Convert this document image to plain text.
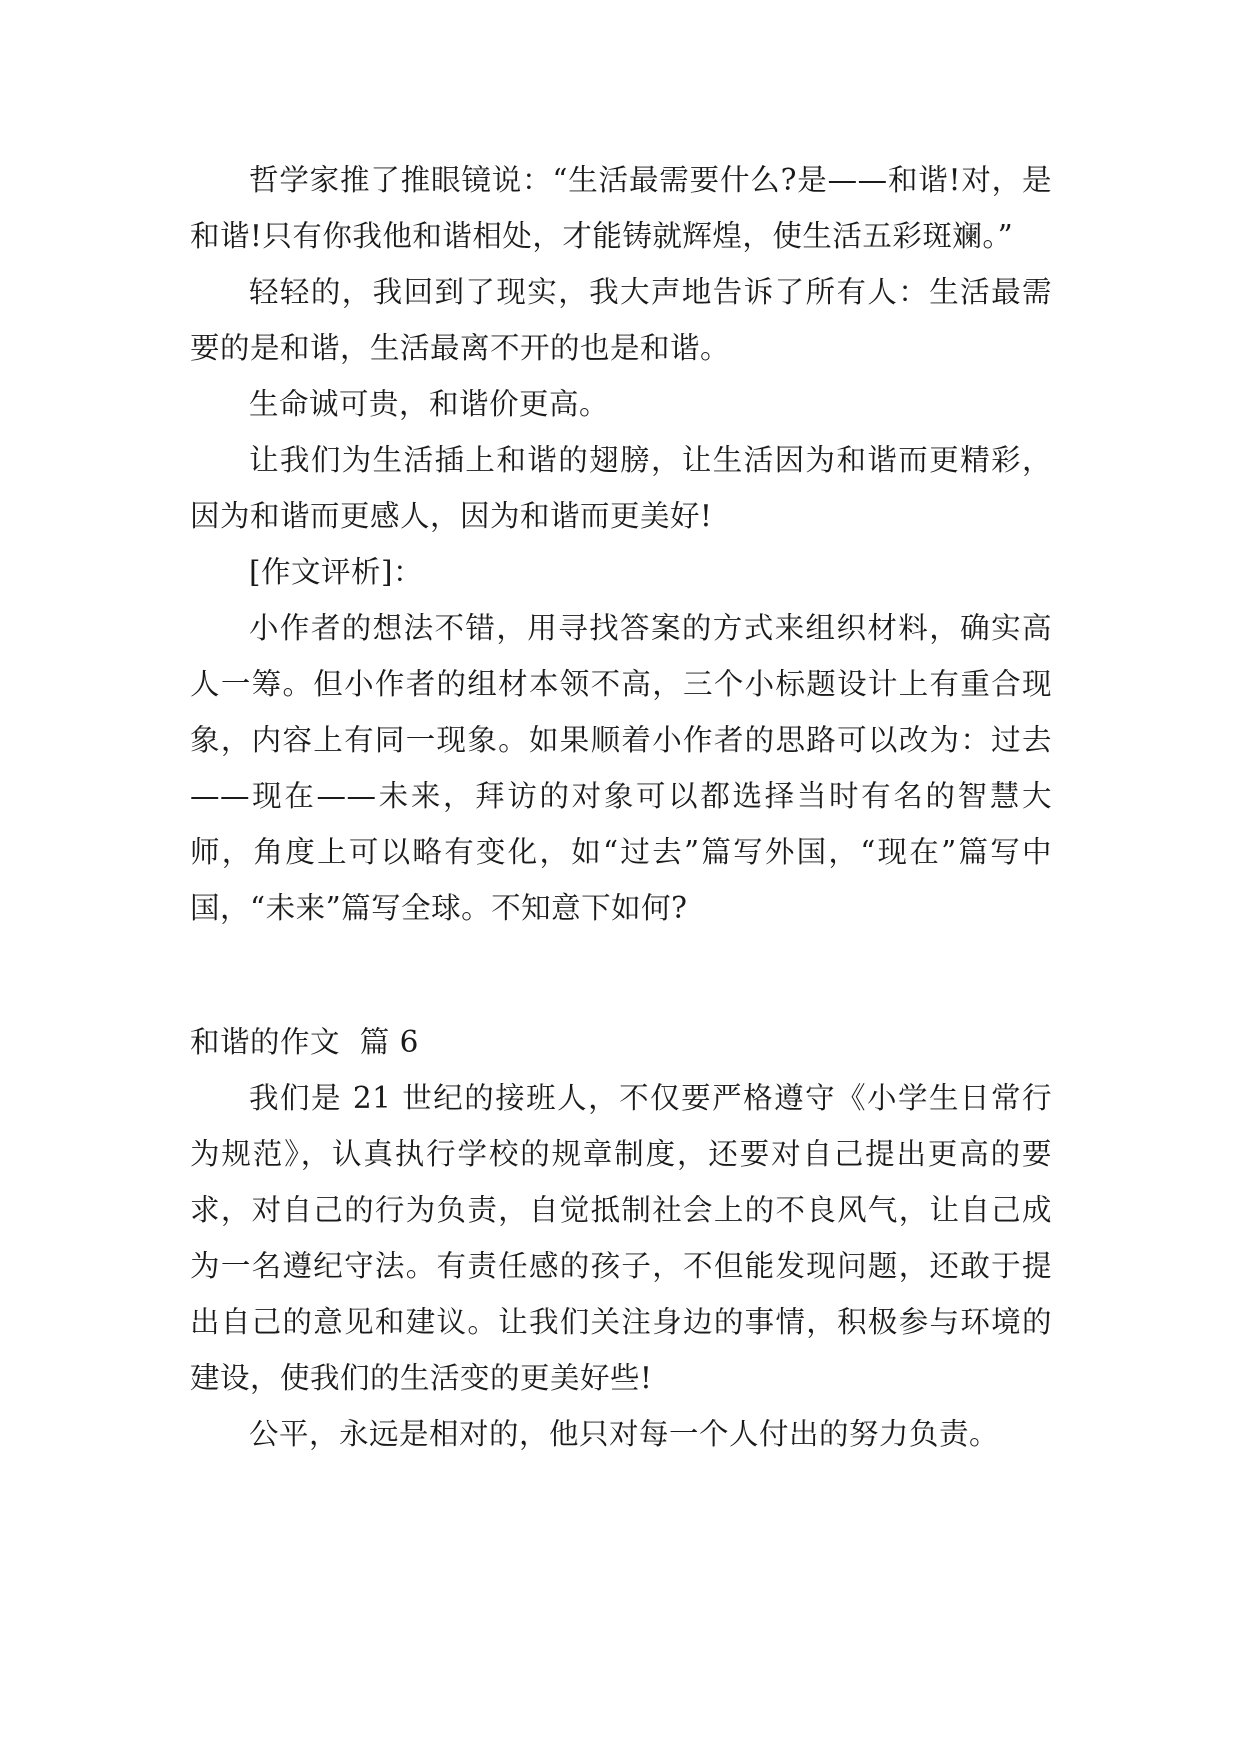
哲学家推了推眼镜说：“生活最需要什么?是——和谐!对，是和谐!只有你我他和谐相处，才能铸就辉煌，使生活五彩斑斓。”

轻轻的，我回到了现实，我大声地告诉了所有人：生活最需要的是和谐，生活最离不开的也是和谐。

生命诚可贵，和谐价更高。

让我们为生活插上和谐的翅膀，让生活因为和谐而更精彩，因为和谐而更感人，因为和谐而更美好!

[作文评析]：

小作者的想法不错，用寻找答案的方式来组织材料，确实高人一筹。但小作者的组材本领不高，三个小标题设计上有重合现象，内容上有同一现象。如果顺着小作者的思路可以改为：过去——现在——未来，拜访的对象可以都选择当时有名的智慧大师，角度上可以略有变化，如“过去”篇写外国，“现在”篇写中国，“未来”篇写全球。不知意下如何?

和谐的作文  篇 6

我们是 21 世纪的接班人，不仅要严格遵守《小学生日常行为规范》，认真执行学校的规章制度，还要对自己提出更高的要求，对自己的行为负责，自觉抵制社会上的不良风气，让自己成为一名遵纪守法。有责任感的孩子，不但能发现问题，还敢于提出自己的意见和建议。让我们关注身边的事情，积极参与环境的建设，使我们的生活变的更美好些!

公平，永远是相对的，他只对每一个人付出的努力负责。
